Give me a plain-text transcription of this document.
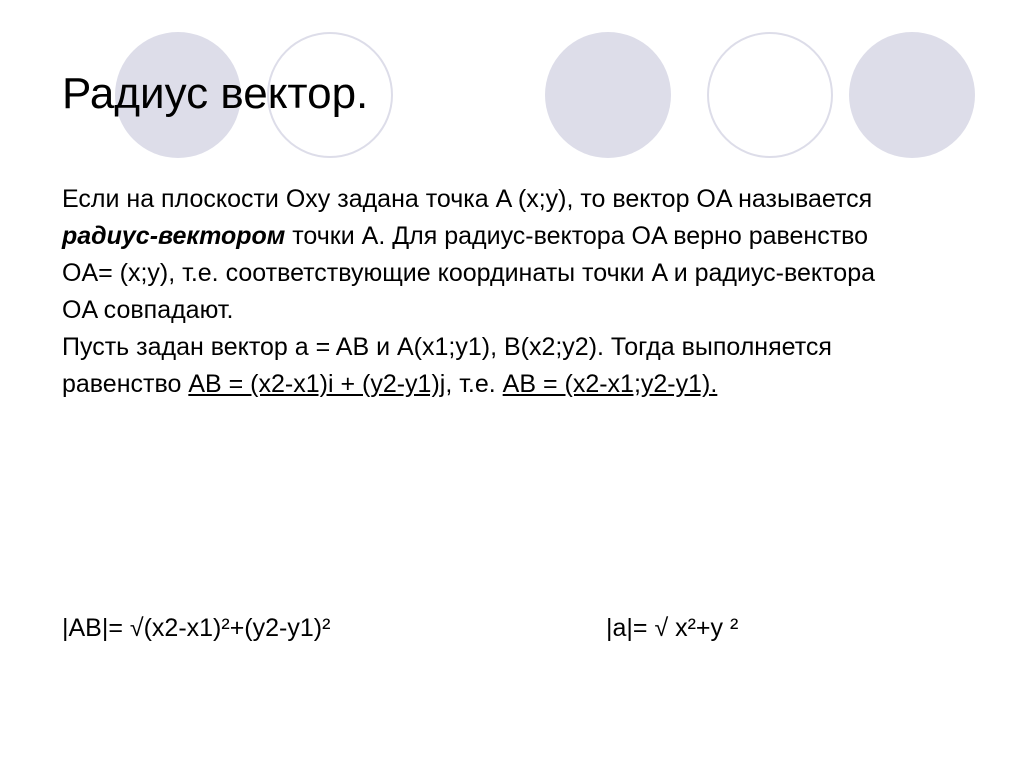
Радиус вектор.

Если на плоскости Oxy задана точка A (x;y), то вектор OA называется

радиус-вектором точки A. Для радиус-вектора OA верно равенство

OA= (x;y), т.е. соответствующие координаты точки A и радиус-вектора

OA совпадают.

Пусть задан вектор a = AB и A(x1;y1), B(x2;y2). Тогда выполняется

равенство AB = (x2-x1)i + (y2-y1)j, т.е. AB = (x2-x1;y2-y1).

|AB|= √(x2-x1)²+(y2-y1)²	|a|= √ x²+y ²
